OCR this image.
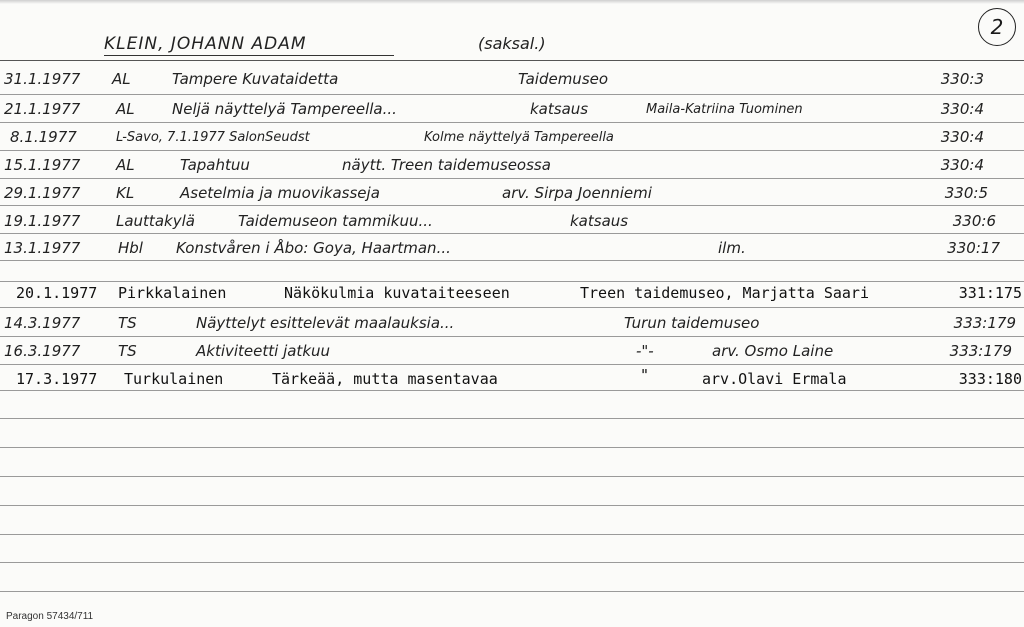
2
KLEIN, JOHANN ADAM	(saksal.)
31.1.1977 AL	Tampere Kuvataidetta	Taidemuseo	330:3
21.1.1977 AL Neljä näyttelyä Tampereella...	katsaus	Maila-Katriina Tuominen	330:4
8.1.1977	L-Savo, 7.1.1977 SalonSeudst	Kolme näyttelyä Tampereella	330:4
15.1.1977 AL	Tapahtuu	näytt. Treen taidemuseossa	330:4
29.1.1977 KL	Asetelmia ja muovikasseja	arv. Sirpa Joenniemi	330:5
19.1.1977 Lauttakylä	Taidemuseon tammikuu...	katsaus	330:6
13.1.1977	Hbl Konstvåren i Åbo: Goya, Haartman...	ilm.	330:17
20.1.1977 Pirkkalainen	Näkökulmia kuvataiteeseen	Treen taidemuseo, Marjatta Saari	331:175
14.3.1977	TS	Näyttelyt esittelevät maalauksia...	Turun taidemuseo	333:179
16.3.1977	TS	Aktiviteetti jatkuu	-"-	arv. Osmo Laine	333:179
17.3.1977 Turkulainen	Tärkeää, mutta masentavaa	"	arv.Olavi Ermala	333:180
Paragon 57434/711
